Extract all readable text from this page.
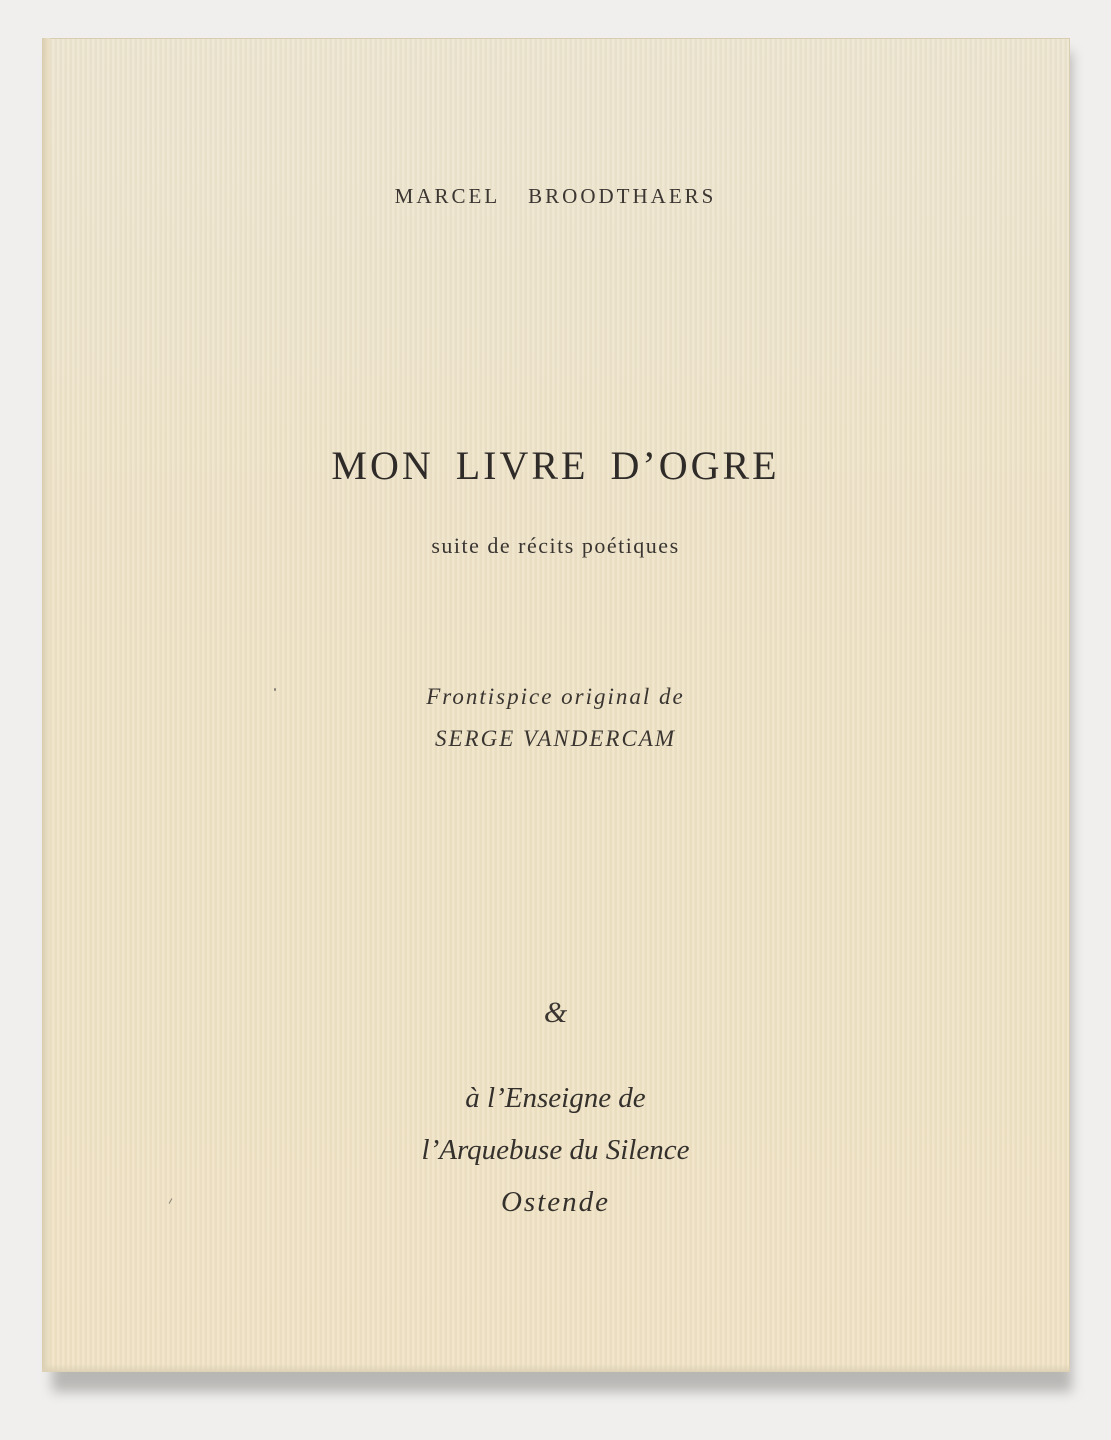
MARCEL BROODTHAERS
MON LIVRE D’OGRE
suite de récits poétiques
Frontispice original de
SERGE VANDERCAM
&
à l’Enseigne de
l’Arquebuse du Silence
Ostende
